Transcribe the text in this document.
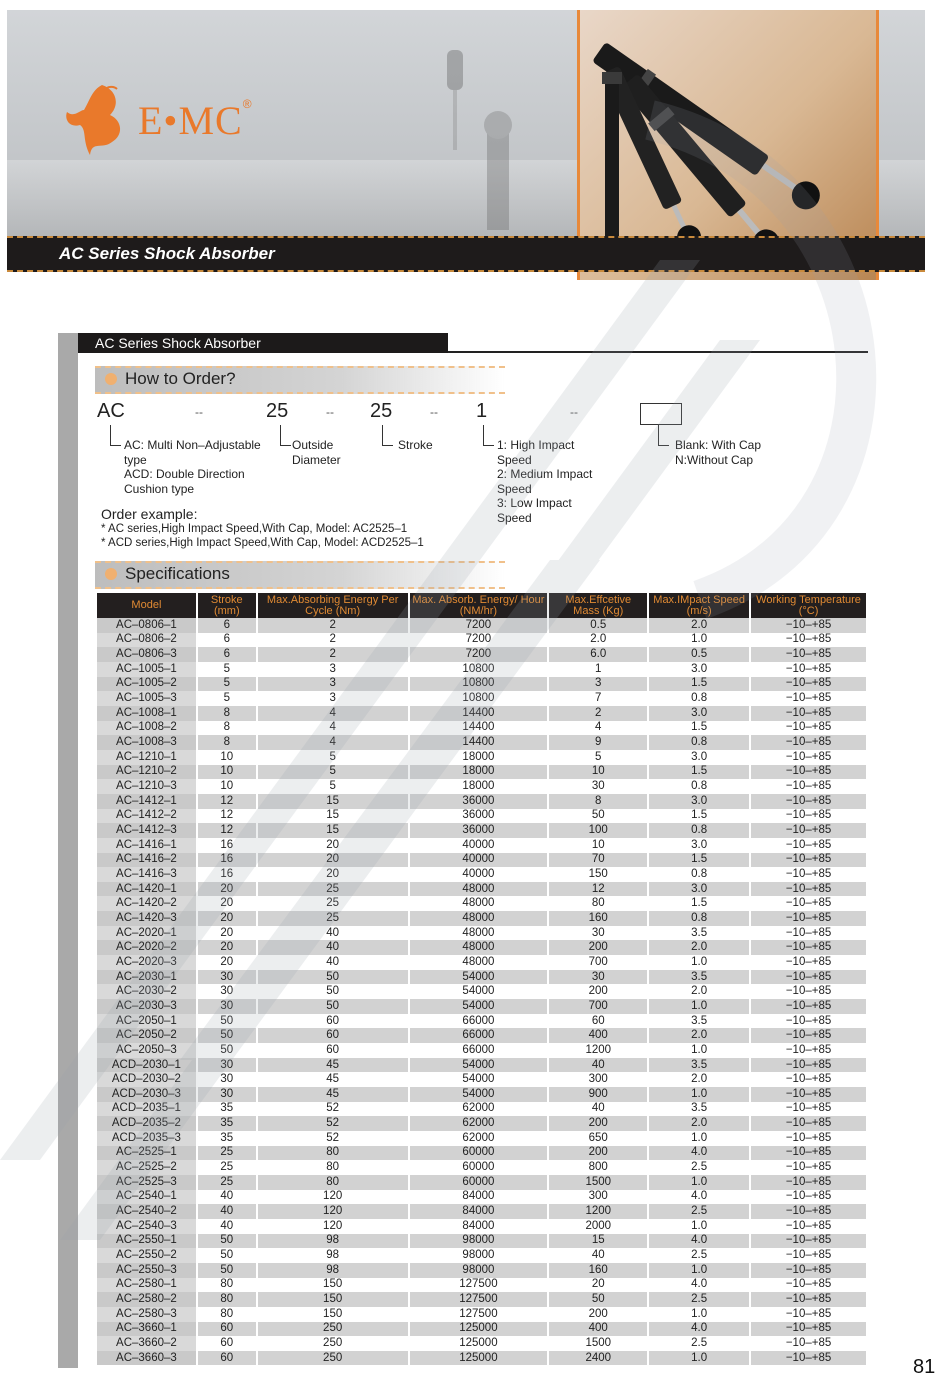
E•MC ®
AC Series Shock Absorber
AC Series Shock Absorber
How to Order?
AC	--	25	-- 25	-- 1	--
AC: Multi Non–Adjustable
type
ACD: Double Direction
Cushion type
Outside
Diameter
Stroke	1: High Impact
Speed
2: Medium Impact
Speed
3: Low Impact
Speed
Blank: With Cap
N:Without Cap
Order example:
* AC series,High Impact Speed,With Cap, Model: AC2525–1
* ACD series,High Impact Speed,With Cap, Model: ACD2525–1
Specifications
Model	Stroke (mm)	Max.Absorbing Energy Per Cycle (Nm)	Max. Absorb. Energy/ Hour (NM/hr)	Max.Effcetive Mass (Kg)	Max.IMpact Speed (m/s)	Working Temperature (°C)
AC–0806–1	6	2	7200	0.5	2.0	−10–+85
AC–0806–2	6	2	7200	2.0	1.0	−10–+85
AC–0806–3	6	2	7200	6.0	0.5	−10–+85
AC–1005–1	5	3	10800	1	3.0	−10–+85
AC–1005–2	5	3	10800	3	1.5	−10–+85
AC–1005–3	5	3	10800	7	0.8	−10–+85
AC–1008–1	8	4	14400	2	3.0	−10–+85
AC–1008–2	8	4	14400	4	1.5	−10–+85
AC–1008–3	8	4	14400	9	0.8	−10–+85
AC–1210–1	10	5	18000	5	3.0	−10–+85
AC–1210–2	10	5	18000	10	1.5	−10–+85
AC–1210–3	10	5	18000	30	0.8	−10–+85
AC–1412–1	12	15	36000	8	3.0	−10–+85
AC–1412–2	12	15	36000	50	1.5	−10–+85
AC–1412–3	12	15	36000	100	0.8	−10–+85
AC–1416–1	16	20	40000	10	3.0	−10–+85
AC–1416–2	16	20	40000	70	1.5	−10–+85
AC–1416–3	16	20	40000	150	0.8	−10–+85
AC–1420–1	20	25	48000	12	3.0	−10–+85
AC–1420–2	20	25	48000	80	1.5	−10–+85
AC–1420–3	20	25	48000	160	0.8	−10–+85
AC–2020–1	20	40	48000	30	3.5	−10–+85
AC–2020–2	20	40	48000	200	2.0	−10–+85
AC–2020–3	20	40	48000	700	1.0	−10–+85
AC–2030–1	30	50	54000	30	3.5	−10–+85
AC–2030–2	30	50	54000	200	2.0	−10–+85
AC–2030–3	30	50	54000	700	1.0	−10–+85
AC–2050–1	50	60	66000	60	3.5	−10–+85
AC–2050–2	50	60	66000	400	2.0	−10–+85
AC–2050–3	50	60	66000	1200	1.0	−10–+85
ACD–2030–1	30	45	54000	40	3.5	−10–+85
ACD–2030–2	30	45	54000	300	2.0	−10–+85
ACD–2030–3	30	45	54000	900	1.0	−10–+85
ACD–2035–1	35	52	62000	40	3.5	−10–+85
ACD–2035–2	35	52	62000	200	2.0	−10–+85
ACD–2035–3	35	52	62000	650	1.0	−10–+85
AC–2525–1	25	80	60000	200	4.0	−10–+85
AC–2525–2	25	80	60000	800	2.5	−10–+85
AC–2525–3	25	80	60000	1500	1.0	−10–+85
AC–2540–1	40	120	84000	300	4.0	−10–+85
AC–2540–2	40	120	84000	1200	2.5	−10–+85
AC–2540–3	40	120	84000	2000	1.0	−10–+85
AC–2550–1	50	98	98000	15	4.0	−10–+85
AC–2550–2	50	98	98000	40	2.5	−10–+85
AC–2550–3	50	98	98000	160	1.0	−10–+85
AC–2580–1	80	150	127500	20	4.0	−10–+85
AC–2580–2	80	150	127500	50	2.5	−10–+85
AC–2580–3	80	150	127500	200	1.0	−10–+85
AC–3660–1	60	250	125000	400	4.0	−10–+85
AC–3660–2	60	250	125000	1500	2.5	−10–+85
AC–3660–3	60	250	125000	2400	1.0	−10–+85	81
